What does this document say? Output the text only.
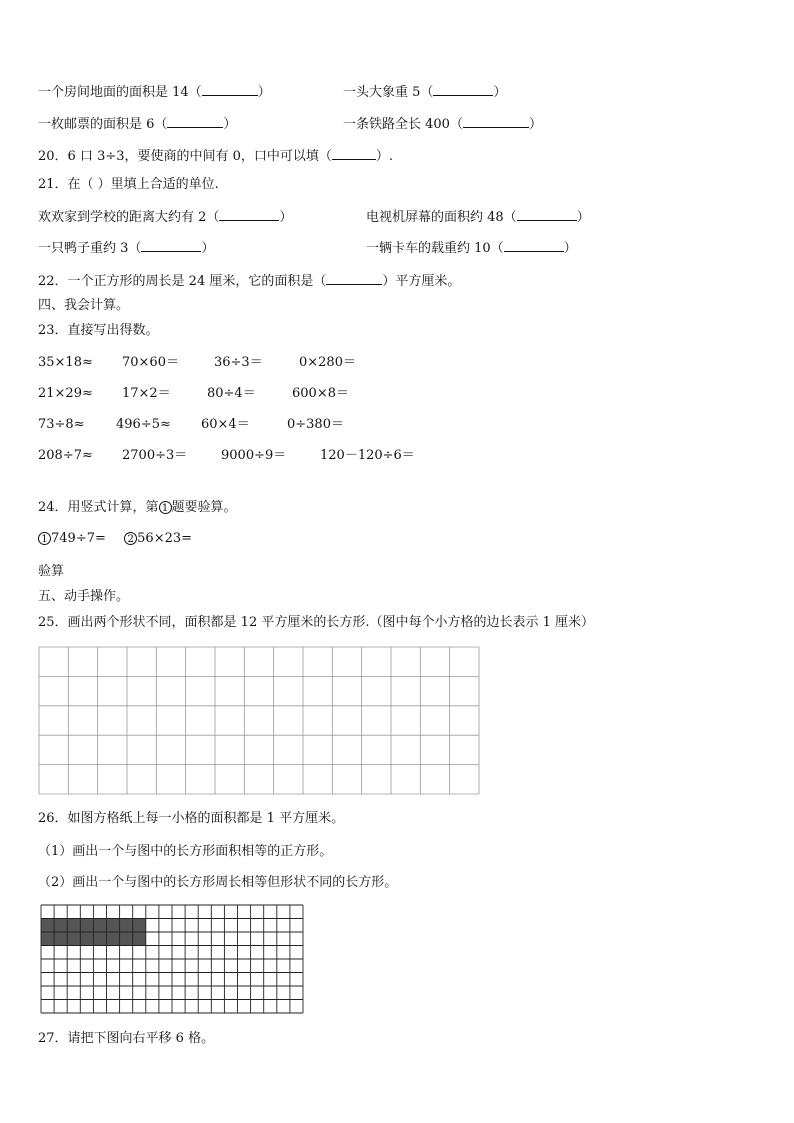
一个房间地面的面积是 14（	）	一头大象重 5（	）
一枚邮票的面积是 6（	）	一条铁路全长 400（	）
20．6 口 3÷3，要使商的中间有 0，口中可以填（	）.
21．在（ ）里填上合适的单位.
欢欢家到学校的距离大约有 2（	）	电视机屏幕的面积约 48（	）
一只鸭子重约 3（	）	一辆卡车的载重约 10（	）
22．一个正方形的周长是 24 厘米，它的面积是（	）平方厘米。
四、我会计算。
23．直接写出得数。
35×18≈ 70×60＝	36÷3＝	0×280＝
21×29≈ 17×2＝	80÷4＝	600×8＝
73÷8≈ 496÷5≈ 60×4＝	0÷380＝
208÷7≈ 2700÷3＝	9000÷9＝	120－120÷6＝
24．用竖式计算，第 1 题要验算。
1 749÷7= 2 56×23=
验算
五、动手操作。
25．画出两个形状不同，面积都是 12 平方厘米的长方形.（图中每个小方格的边长表示 1 厘米）
26．如图方格纸上每一小格的面积都是 1 平方厘米。
（1）画出一个与图中的长方形面积相等的正方形。
（2）画出一个与图中的长方形周长相等但形状不同的长方形。
27．请把下图向右平移 6 格。
